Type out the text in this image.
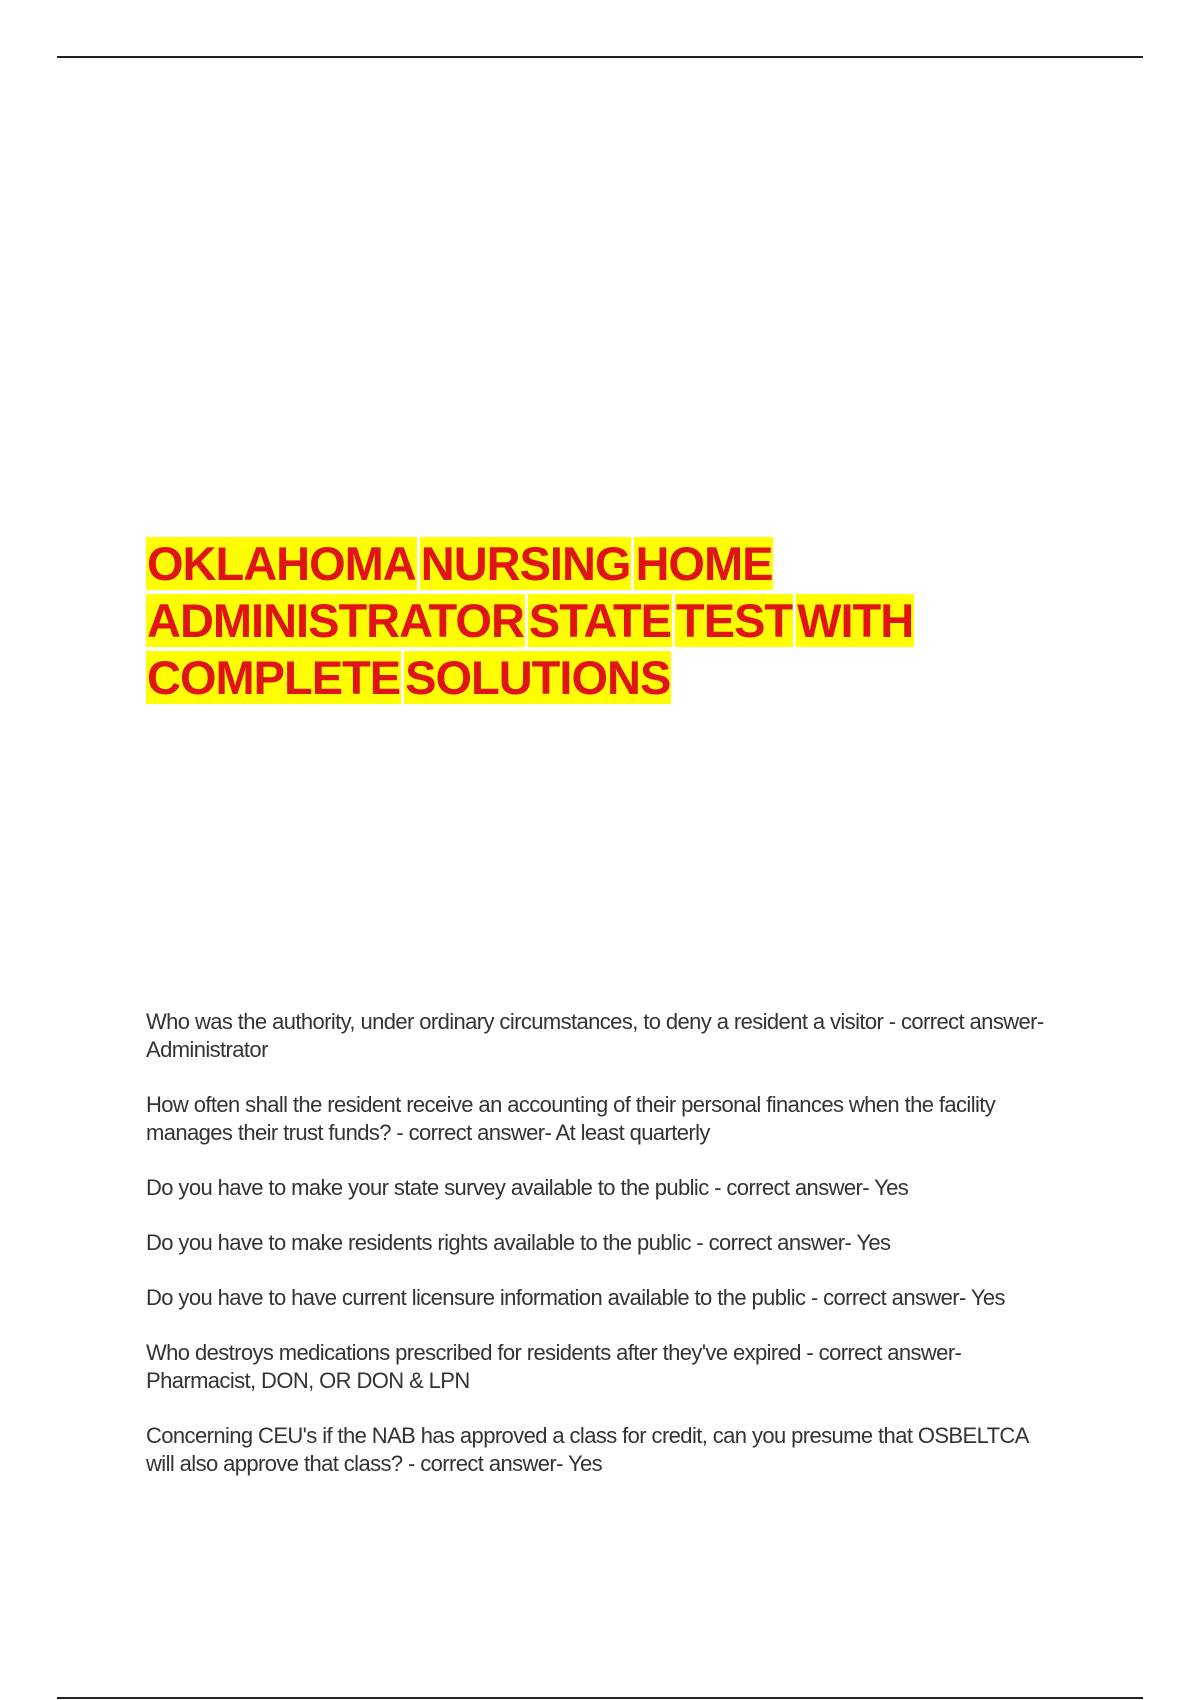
OKLAHOMA NURSING HOME
ADMINISTRATOR STATE TEST WITH
COMPLETE SOLUTIONS
Who was the authority, under ordinary circumstances, to deny a resident a visitor - correct answer- Administrator
How often shall the resident receive an accounting of their personal finances when the facility manages their trust funds? - correct answer- At least quarterly
Do you have to make your state survey available to the public - correct answer- Yes
Do you have to make residents rights available to the public - correct answer- Yes
Do you have to have current licensure information available to the public - correct answer- Yes
Who destroys medications prescribed for residents after they've expired - correct answer- Pharmacist, DON, OR DON & LPN
Concerning CEU's if the NAB has approved a class for credit, can you presume that OSBELTCA will also approve that class? - correct answer- Yes
